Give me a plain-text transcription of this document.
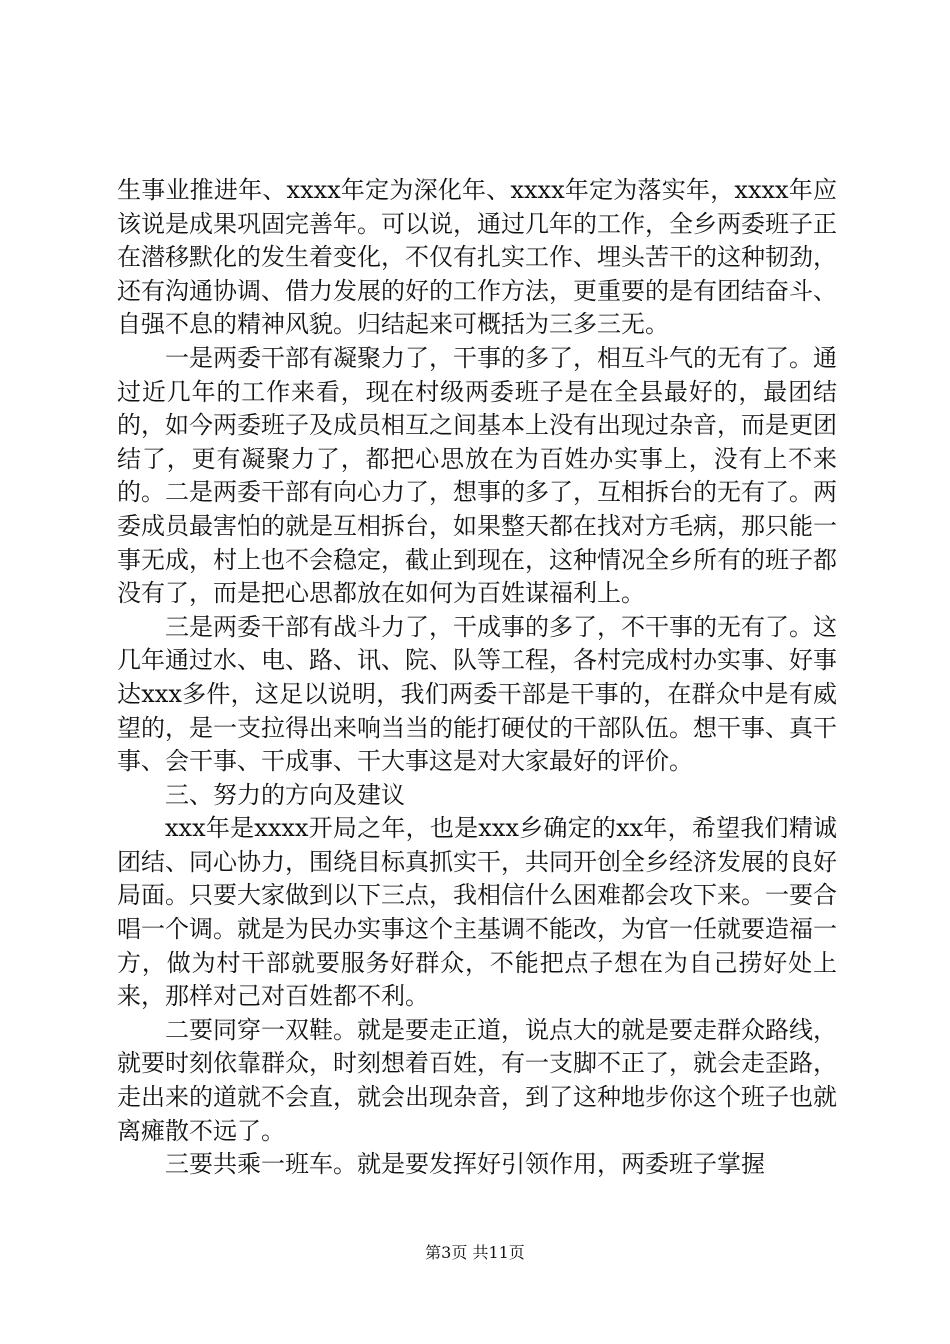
生事业推进年、xxxx年定为深化年、xxxx年定为落实年，xxxx年应该说是成果巩固完善年。可以说，通过几年的工作，全乡两委班子正在潜移默化的发生着变化，不仅有扎实工作、埋头苦干的这种韧劲，还有沟通协调、借力发展的好的工作方法，更重要的是有团结奋斗、自强不息的精神风貌。归结起来可概括为三多三无。

一是两委干部有凝聚力了，干事的多了，相互斗气的无有了。通过近几年的工作来看，现在村级两委班子是在全县最好的，最团结的，如今两委班子及成员相互之间基本上没有出现过杂音，而是更团结了，更有凝聚力了，都把心思放在为百姓办实事上，没有上不来的。二是两委干部有向心力了，想事的多了，互相拆台的无有了。两委成员最害怕的就是互相拆台，如果整天都在找对方毛病，那只能一事无成，村上也不会稳定，截止到现在，这种情况全乡所有的班子都没有了，而是把心思都放在如何为百姓谋福利上。

三是两委干部有战斗力了，干成事的多了，不干事的无有了。这几年通过水、电、路、讯、院、队等工程，各村完成村办实事、好事达xxx多件，这足以说明，我们两委干部是干事的，在群众中是有威望的，是一支拉得出来响当当的能打硬仗的干部队伍。想干事、真干事、会干事、干成事、干大事这是对大家最好的评价。

三、努力的方向及建议

xxx年是xxxx开局之年，也是xxx乡确定的xx年，希望我们精诚团结、同心协力，围绕目标真抓实干，共同开创全乡经济发展的良好局面。只要大家做到以下三点，我相信什么困难都会攻下来。一要合唱一个调。就是为民办实事这个主基调不能改，为官一任就要造福一方，做为村干部就要服务好群众，不能把点子想在为自己捞好处上来，那样对己对百姓都不利。

二要同穿一双鞋。就是要走正道，说点大的就是要走群众路线，就要时刻依靠群众，时刻想着百姓，有一支脚不正了，就会走歪路，走出来的道就不会直，就会出现杂音，到了这种地步你这个班子也就离瘫散不远了。

三要共乘一班车。就是要发挥好引领作用，两委班子掌握

第3页 共11页
